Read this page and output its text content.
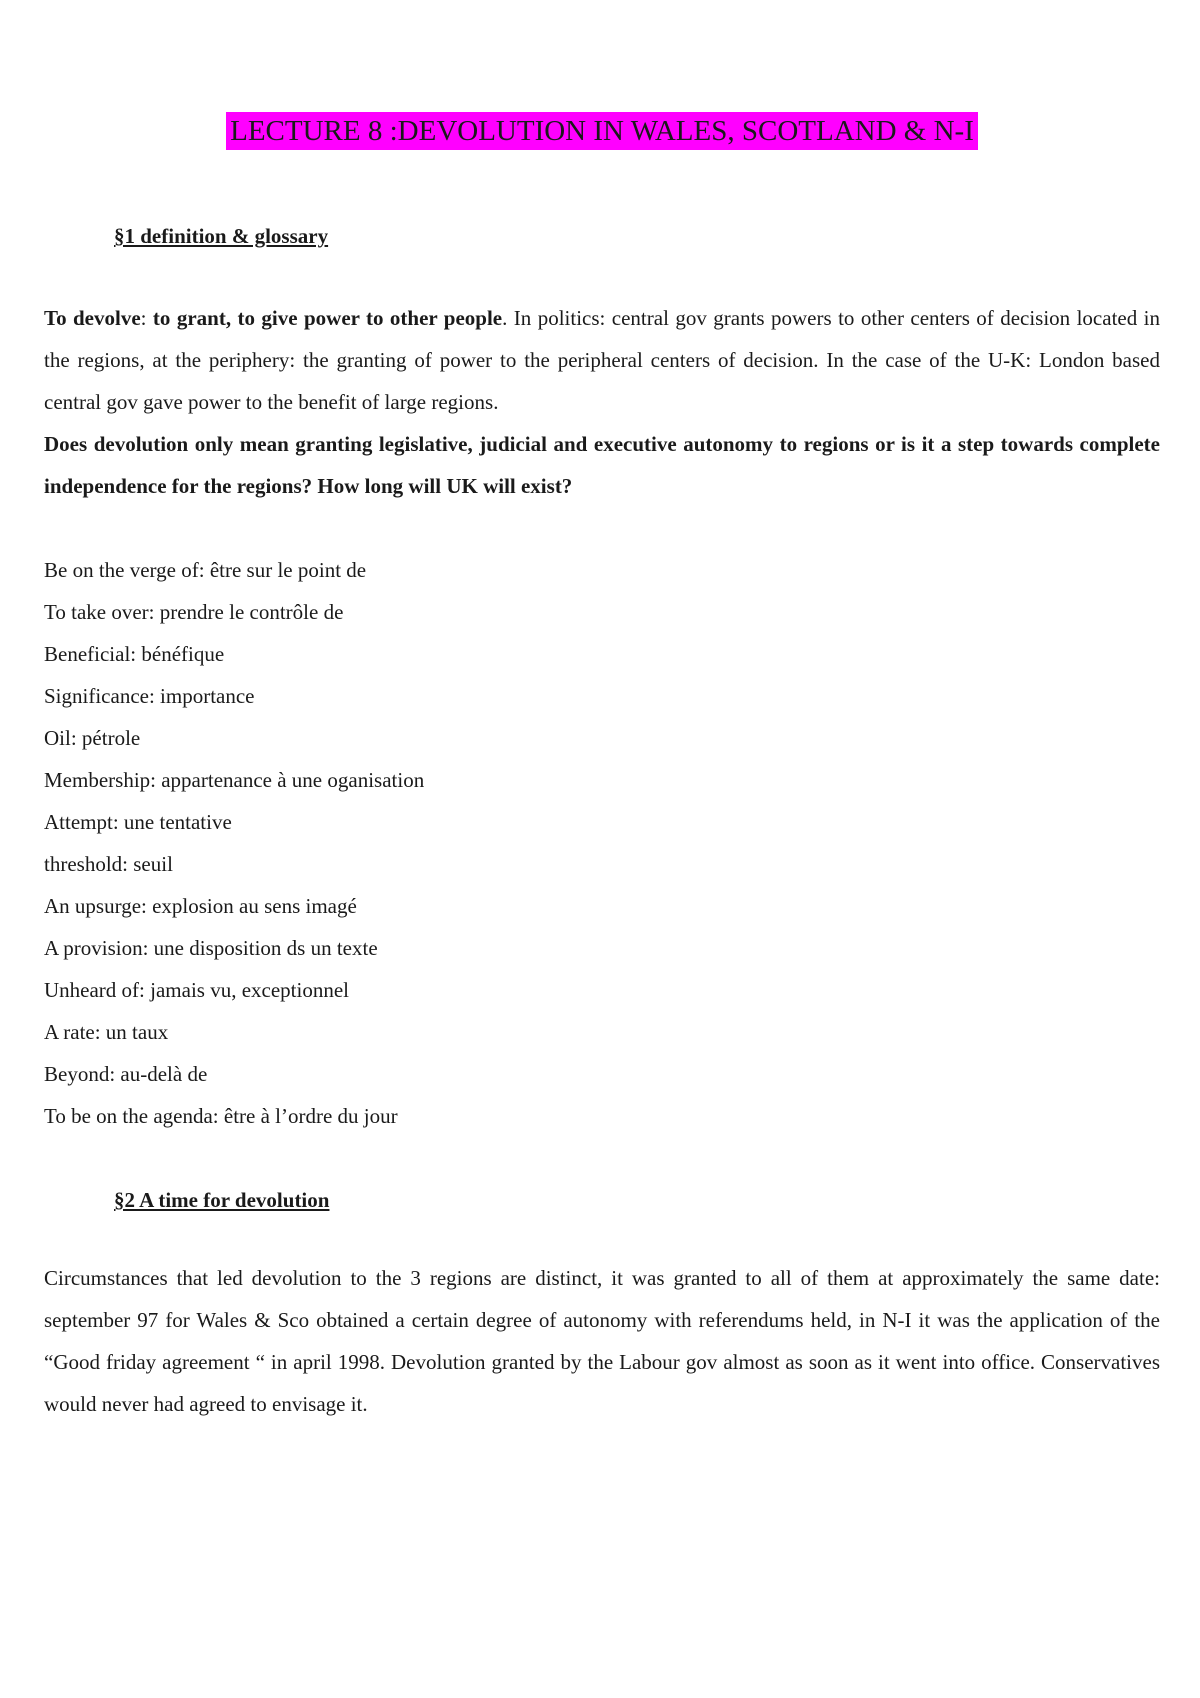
LECTURE 8 :DEVOLUTION IN WALES, SCOTLAND & N-I
§1 definition & glossary
To devolve: to grant, to give power to other people. In politics: central gov grants powers to other centers of decision located in the regions, at the periphery: the granting of power to the peripheral centers of decision. In the case of the U-K: London based central gov gave power to the benefit of large regions.
Does devolution only mean granting legislative, judicial and executive autonomy to regions or is it a step towards complete independence for the regions? How long will UK will exist?
Be on the verge of: être sur le point de
To take over: prendre le contrôle de
Beneficial: bénéfique
Significance: importance
Oil: pétrole
Membership: appartenance à une oganisation
Attempt: une tentative
threshold: seuil
An upsurge: explosion au sens imagé
A provision: une disposition ds un texte
Unheard of: jamais vu, exceptionnel
A rate: un taux
Beyond: au-delà de
To be on the agenda: être à l’ordre du jour
§2 A time for devolution
Circumstances that led devolution to the 3 regions are distinct, it was granted to all of them at approximately the same date: september 97 for Wales & Sco obtained a certain degree of autonomy with referendums held, in N-I it was the application of the “Good friday agreement “ in april 1998. Devolution granted by the Labour gov almost as soon as it went into office. Conservatives would never had agreed to envisage it.
